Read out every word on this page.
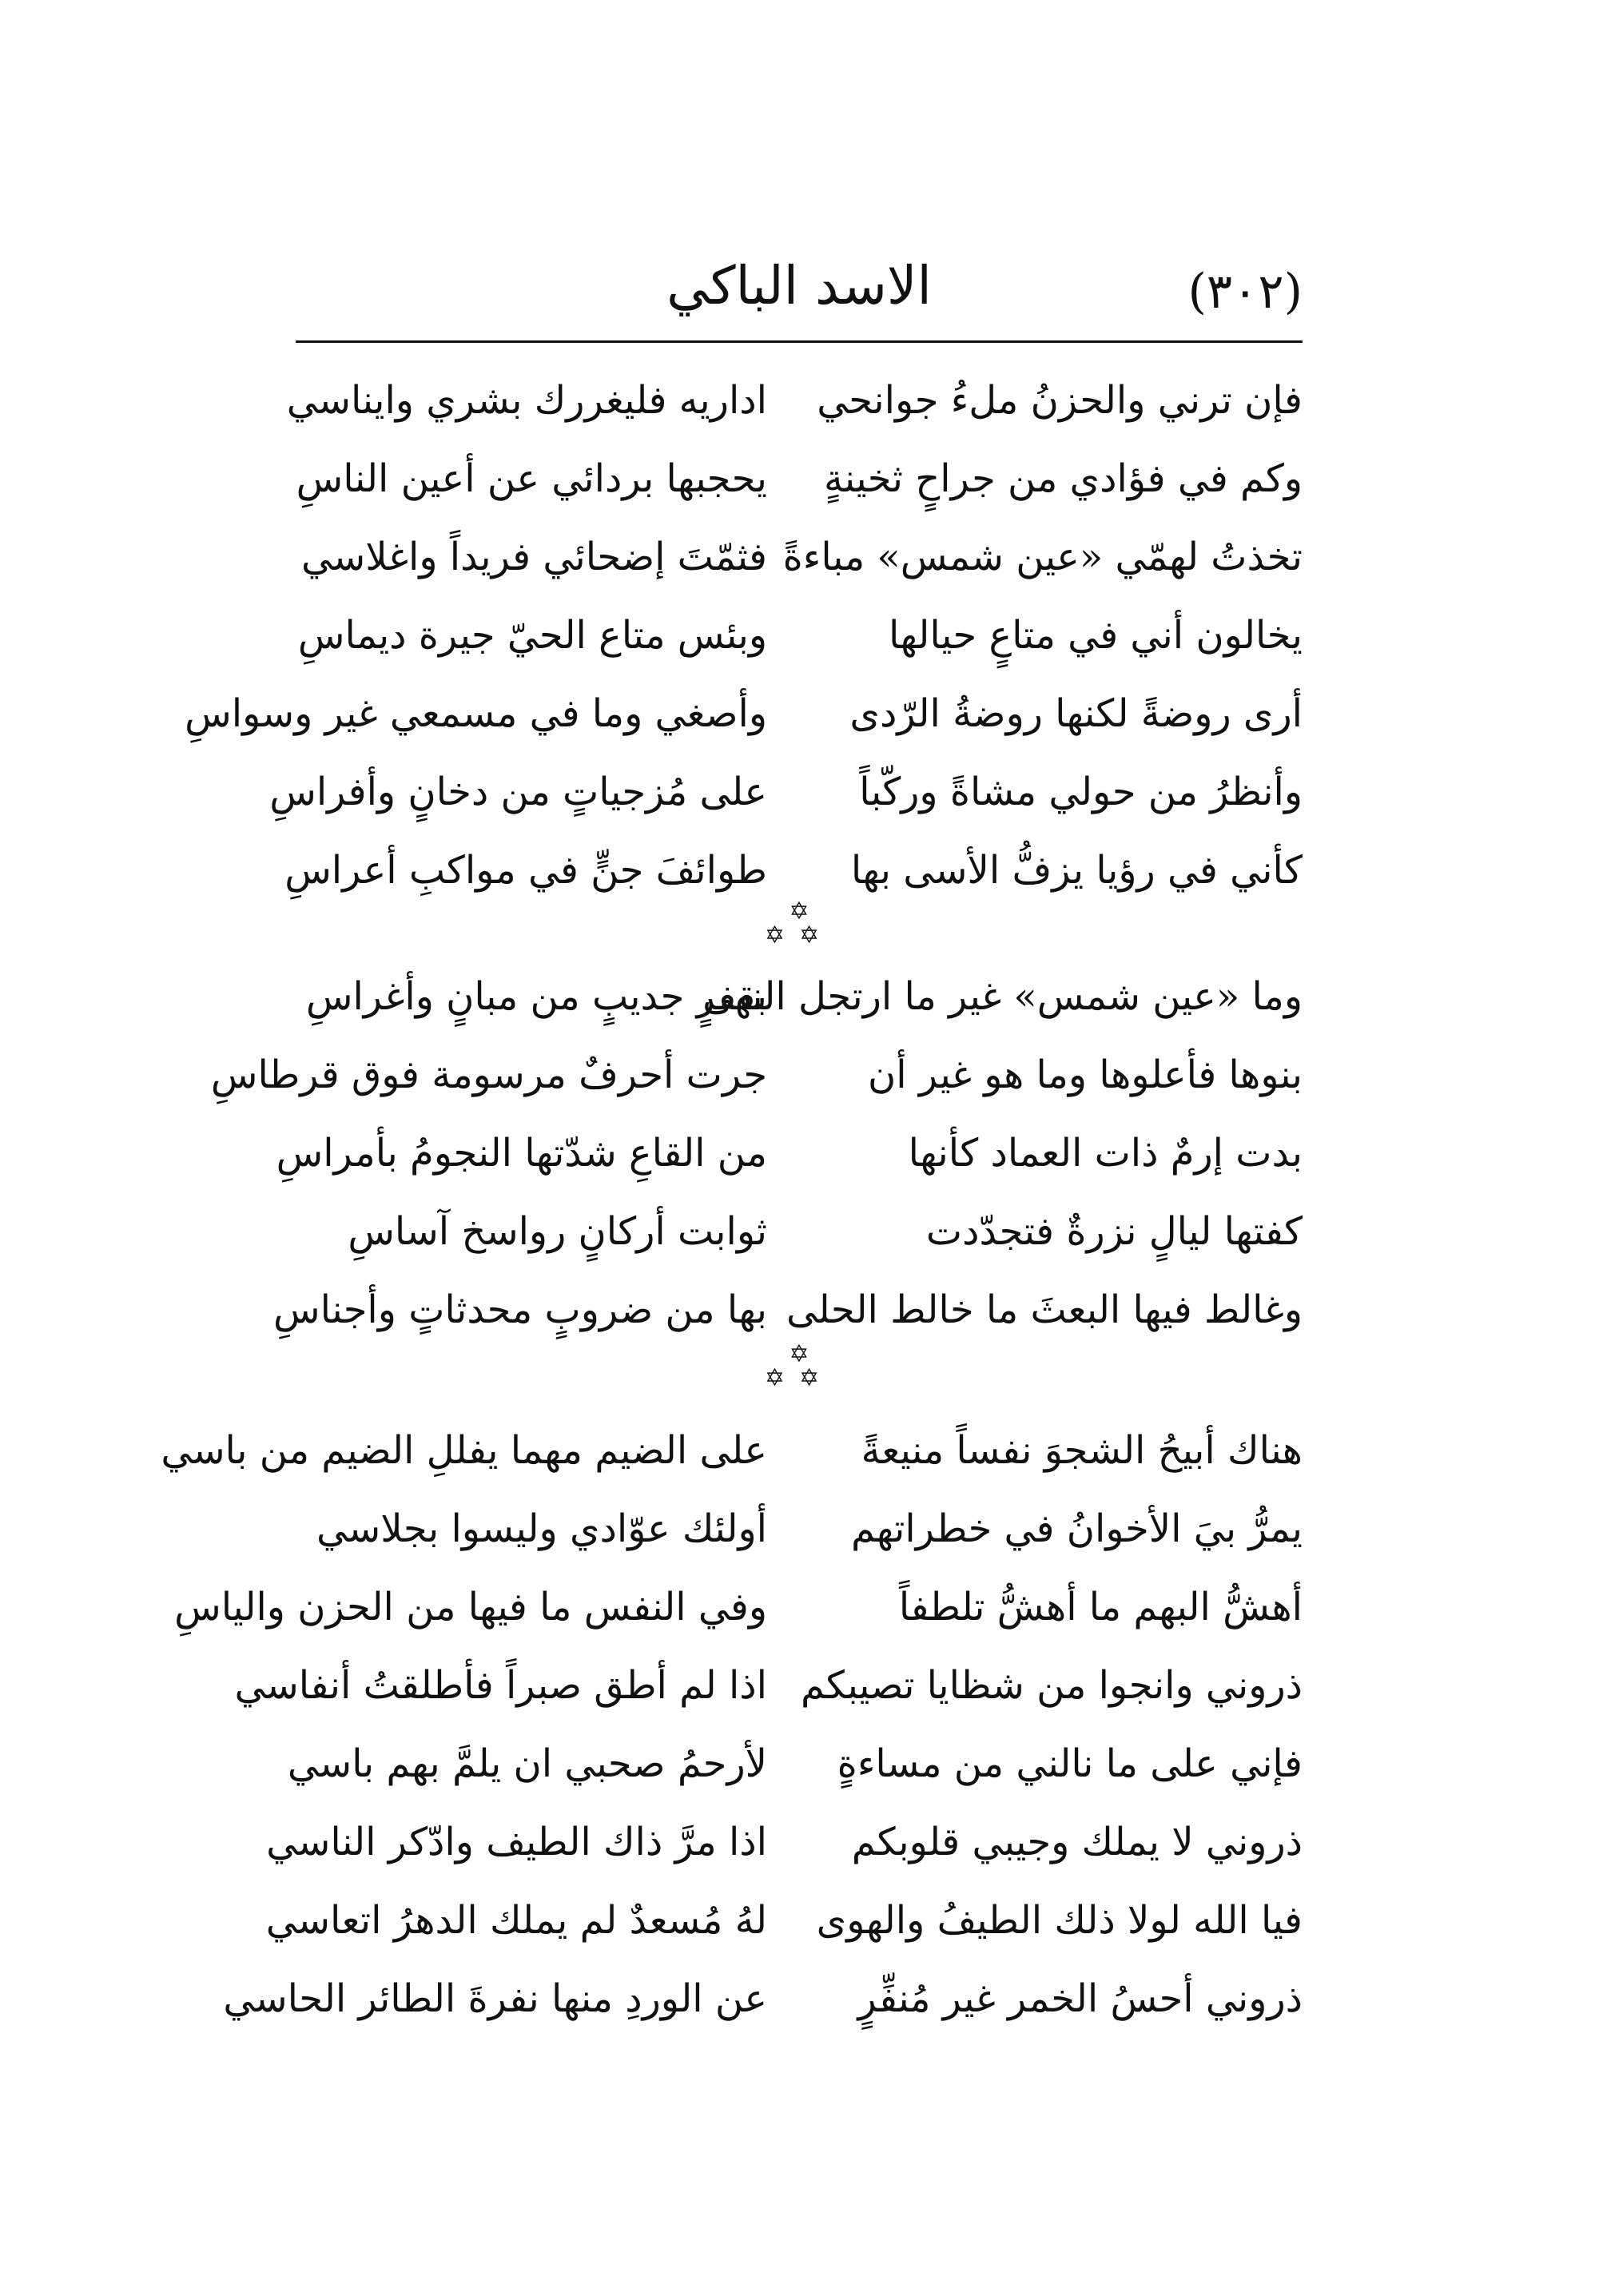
(٣٠٢)
الاسد الباكي
فإن ترني والحزنُ ملءُ جوانحي
اداريه فليغررك بشري وايناسي
وكم في فؤادي من جراحٍ ثخينةٍ
يحجبها بردائي عن أعين الناسِ
تخذتُ لهمّي «عين شمس» مباءةً
فثمّتَ إضحائي فريداً واغلاسي
يخالون أني في متاعٍ حيالها
وبئس متاع الحيّ جيرة ديماسِ
أرى روضةً لكنها روضةُ الرّدى
وأصغي وما في مسمعي غير وسواسِ
وأنظرُ من حولي مشاةً وركّباً
على مُزجياتٍ من دخانٍ وأفراسِ
كأني في رؤيا يزفُّ الأسى بها
طوائفَ جنٍّ في مواكبِ أعراسِ
✡
✡✡
وما «عين شمس» غير ما ارتجل النهى
بقفرٍ جديبٍ من مبانٍ وأغراسِ
بنوها فأعلوها وما هو غير أن
جرت أحرفٌ مرسومة فوق قرطاسِ
بدت إرمٌ ذات العماد كأنها
من القاعِ شدّتها النجومُ بأمراسِ
كفتها ليالٍ نزرةٌ فتجدّدت
ثوابت أركانٍ رواسخ آساسِ
وغالط فيها البعثَ ما خالط الحلى
بها من ضروبٍ محدثاتٍ وأجناسِ
✡
✡✡
هناك أبيحُ الشجوَ نفساً منيعةً
على الضيم مهما يفللِ الضيم من باسي
يمرُّ بيَ الأخوانُ في خطراتهم
أولئك عوّادي وليسوا بجلاسي
أهشُّ البهم ما أهشُّ تلطفاً
وفي النفس ما فيها من الحزن والياسِ
ذروني وانجوا من شظايا تصيبكم
اذا لم أطق صبراً فأطلقتُ أنفاسي
فإني على ما نالني من مساءةٍ
لأرحمُ صحبي ان يلمَّ بهم باسي
ذروني لا يملك وجيبي قلوبكم
اذا مرَّ ذاك الطيف وادّكر الناسي
فيا الله لولا ذلك الطيفُ والهوى
لهُ مُسعدٌ لم يملك الدهرُ اتعاسي
ذروني أحسُ الخمر غير مُنفِّرٍ
عن الوردِ منها نفرةَ الطائر الحاسي
